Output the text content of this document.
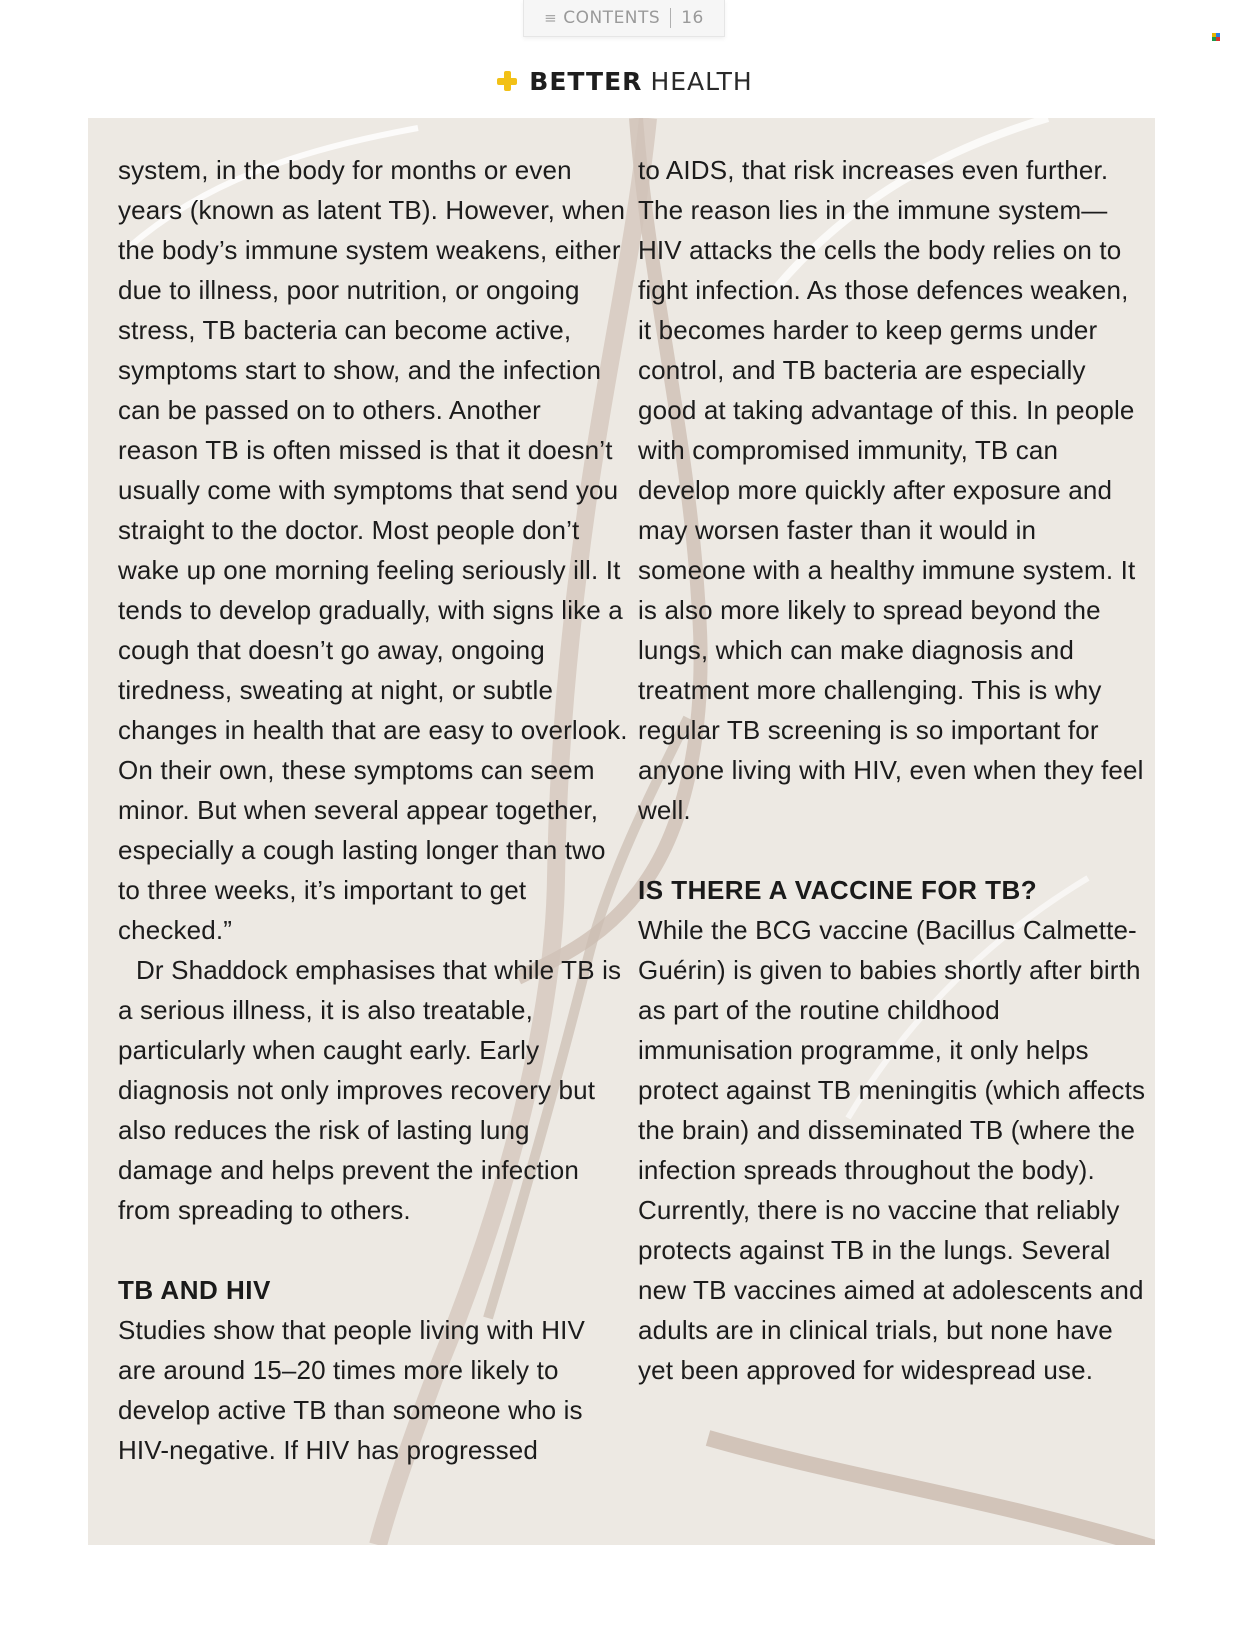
≡ CONTENTS 16
BETTER HEALTH

system, in the body for months or even years (known as latent TB). However, when the body’s immune system weakens, either due to illness, poor nutrition, or ongoing stress, TB bacteria can become active, symptoms start to show, and the infection can be passed on to others. Another reason TB is often missed is that it doesn’t usually come with symptoms that send you straight to the doctor. Most people don’t wake up one morning feeling seriously ill. It tends to develop gradually, with signs like a cough that doesn’t go away, ongoing tiredness, sweating at night, or subtle changes in health that are easy to overlook. On their own, these symptoms can seem minor. But when several appear together, especially a cough lasting longer than two to three weeks, it’s important to get checked.”

Dr Shaddock emphasises that while TB is a serious illness, it is also treatable, particularly when caught early. Early diagnosis not only improves recovery but also reduces the risk of lasting lung damage and helps prevent the infection from spreading to others.

TB AND HIV

Studies show that people living with HIV are around 15–20 times more likely to develop active TB than someone who is HIV-negative. If HIV has progressed

to AIDS, that risk increases even further. The reason lies in the immune system—HIV attacks the cells the body relies on to fight infection. As those defences weaken, it becomes harder to keep germs under control, and TB bacteria are especially good at taking advantage of this. In people with compromised immunity, TB can develop more quickly after exposure and may worsen faster than it would in someone with a healthy immune system. It is also more likely to spread beyond the lungs, which can make diagnosis and treatment more challenging. This is why regular TB screening is so important for anyone living with HIV, even when they feel well.

IS THERE A VACCINE FOR TB?

While the BCG vaccine (Bacillus Calmette-Guérin) is given to babies shortly after birth as part of the routine childhood immunisation programme, it only helps protect against TB meningitis (which affects the brain) and disseminated TB (where the infection spreads throughout the body). Currently, there is no vaccine that reliably protects against TB in the lungs. Several new TB vaccines aimed at adolescents and adults are in clinical trials, but none have yet been approved for widespread use.
